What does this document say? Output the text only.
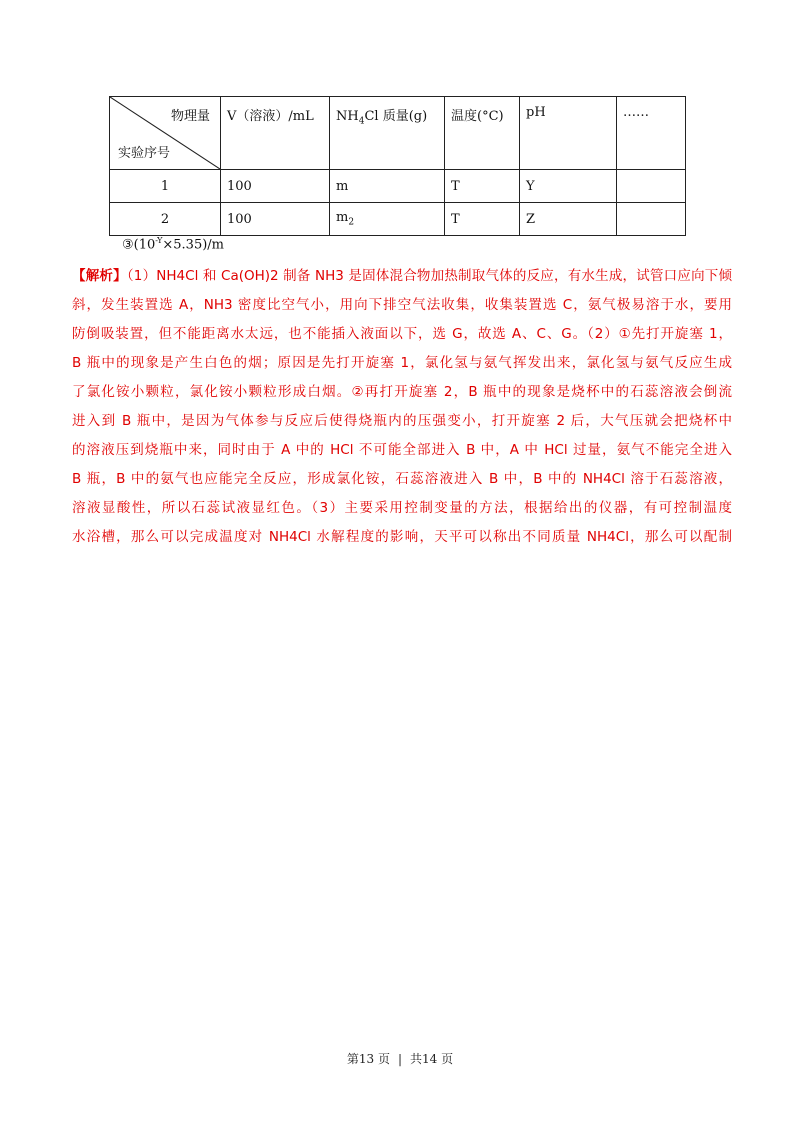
物理量
实验序号	V（溶液）/mL	$NH_4Cl$ 质量(g)	温度(°C)	pH	……
1	100	m	T	Y	
2	100	$m_2$	T	Z	
$③(10^{-Y}\times 5.35)/m$
【解析】（1）NH4Cl 和 Ca(OH)2 制备 NH3 是固体混合物加热制取气体的反应，有水生成，试管口应向下倾
斜，发生装置选 A，NH3 密度比空气小，用向下排空气法收集，收集装置选 C，氨气极易溶于水，要用
防倒吸装置，但不能距离水太远，也不能插入液面以下，选 G，故选 A、C、G。（2）①先打开旋塞 1，
B 瓶中的现象是产生白色的烟；原因是先打开旋塞 1，氯化氢与氨气挥发出来，氯化氢与氨气反应生成
了氯化铵小颗粒，氯化铵小颗粒形成白烟。②再打开旋塞 2，B 瓶中的现象是烧杯中的石蕊溶液会倒流
进入到 B 瓶中，是因为气体参与反应后使得烧瓶内的压强变小，打开旋塞 2 后，大气压就会把烧杯中
的溶液压到烧瓶中来，同时由于 A 中的 HCl 不可能全部进入 B 中，A 中 HCl 过量，氨气不能完全进入
B 瓶，B 中的氨气也应能完全反应，形成氯化铵，石蕊溶液进入 B 中，B 中的 NH4Cl 溶于石蕊溶液，
溶液显酸性，所以石蕊试液显红色。（3）主要采用控制变量的方法，根据给出的仪器，有可控制温度
水浴槽，那么可以完成温度对 NH4Cl 水解程度的影响，天平可以称出不同质量 NH4Cl，那么可以配制
第13 页 | 共14 页
